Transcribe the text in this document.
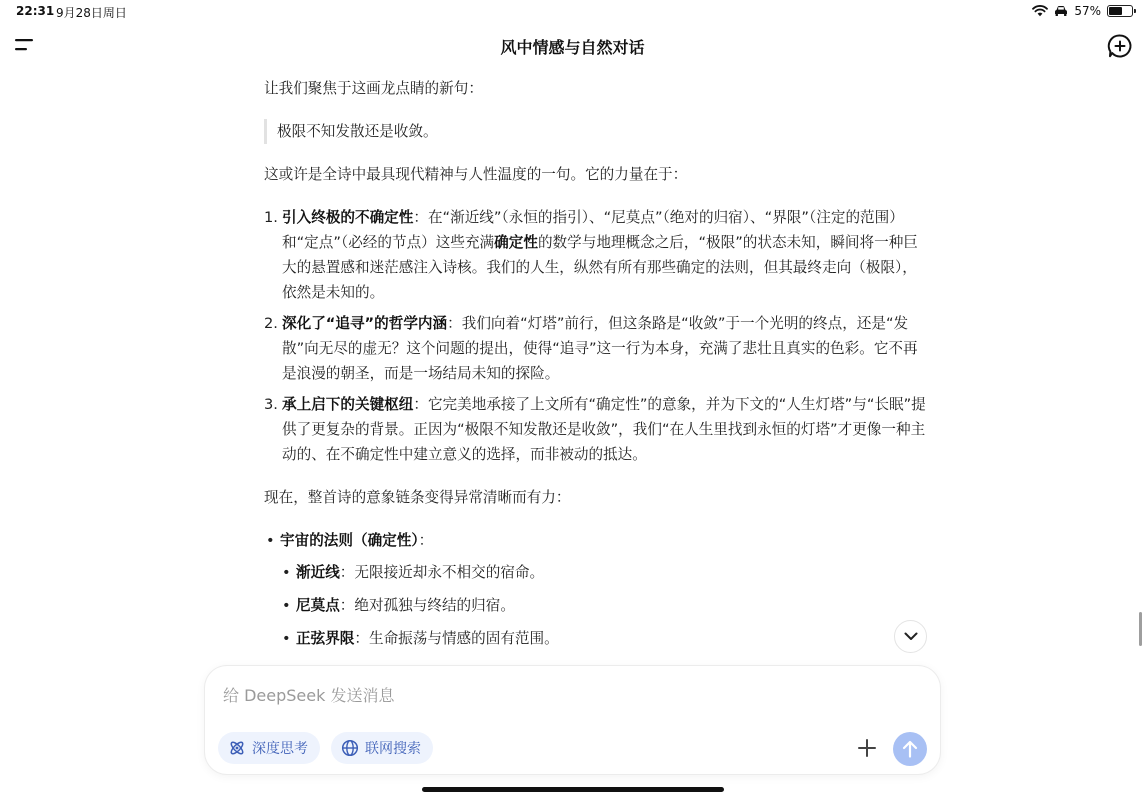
22:31 9月28日周日	57%
风中情感与自然对话

让我们聚焦于这画龙点睛的新句：

极限不知发散还是收敛。

这或许是全诗中最具现代精神与人性温度的一句。它的力量在于：

1. 引入终极的不确定性：在“渐近线”（永恒的指引）、“尼莫点”（绝对的归宿）、“界限”（注定的范围）和“定点”（必经的节点）这些充满确定性的数学与地理概念之后，“极限”的状态未知，瞬间将一种巨大的悬置感和迷茫感注入诗核。我们的人生，纵然有所有那些确定的法则，但其最终走向（极限），依然是未知的。
2. 深化了“追寻”的哲学内涵：我们向着“灯塔”前行，但这条路是“收敛”于一个光明的终点，还是“发散”向无尽的虚无？这个问题的提出，使得“追寻”这一行为本身，充满了悲壮且真实的色彩。它不再是浪漫的朝圣，而是一场结局未知的探险。
3. 承上启下的关键枢纽：它完美地承接了上文所有“确定性”的意象，并为下文的“人生灯塔”与“长眠”提供了更复杂的背景。正因为“极限不知发散还是收敛”，我们“在人生里找到永恒的灯塔”才更像一种主动的、在不确定性中建立意义的选择，而非被动的抵达。

现在，整首诗的意象链条变得异常清晰而有力：

• 宇宙的法则（确定性）：
• 渐近线：无限接近却永不相交的宿命。
• 尼莫点：绝对孤独与终结的归宿。
• 正弦界限：生命振荡与情感的固有范围。
给 DeepSeek 发送消息
深度思考	联网搜索
